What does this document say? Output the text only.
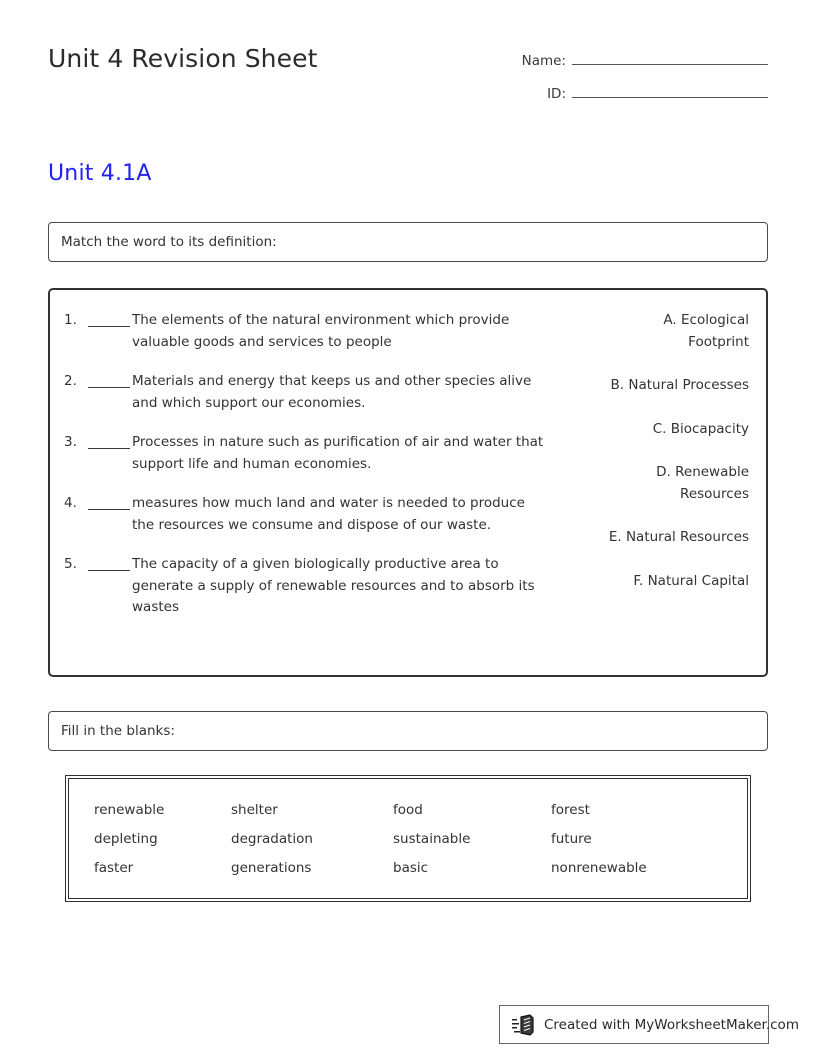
Unit 4 Revision Sheet	Name:
ID:
Unit 4.1A
Match the word to its definition:
1.	The elements of the natural environment which provide valuable goods and services to people
2.	Materials and energy that keeps us and other species alive and which support our economies.
3.	Processes in nature such as purification of air and water that support life and human economies.
4.	measures how much land and water is needed to produce the resources we consume and dispose of our waste.
5.	The capacity of a given biologically productive area to generate a supply of renewable resources and to absorb its wastes
A. Ecological Footprint
B. Natural Processes
C. Biocapacity
D. Renewable Resources
E. Natural Resources
F. Natural Capital
Fill in the blanks:
renewable	shelter	food	forest
depleting	degradation	sustainable	future
faster	generations	basic	nonrenewable
Created with MyWorksheetMaker.com
